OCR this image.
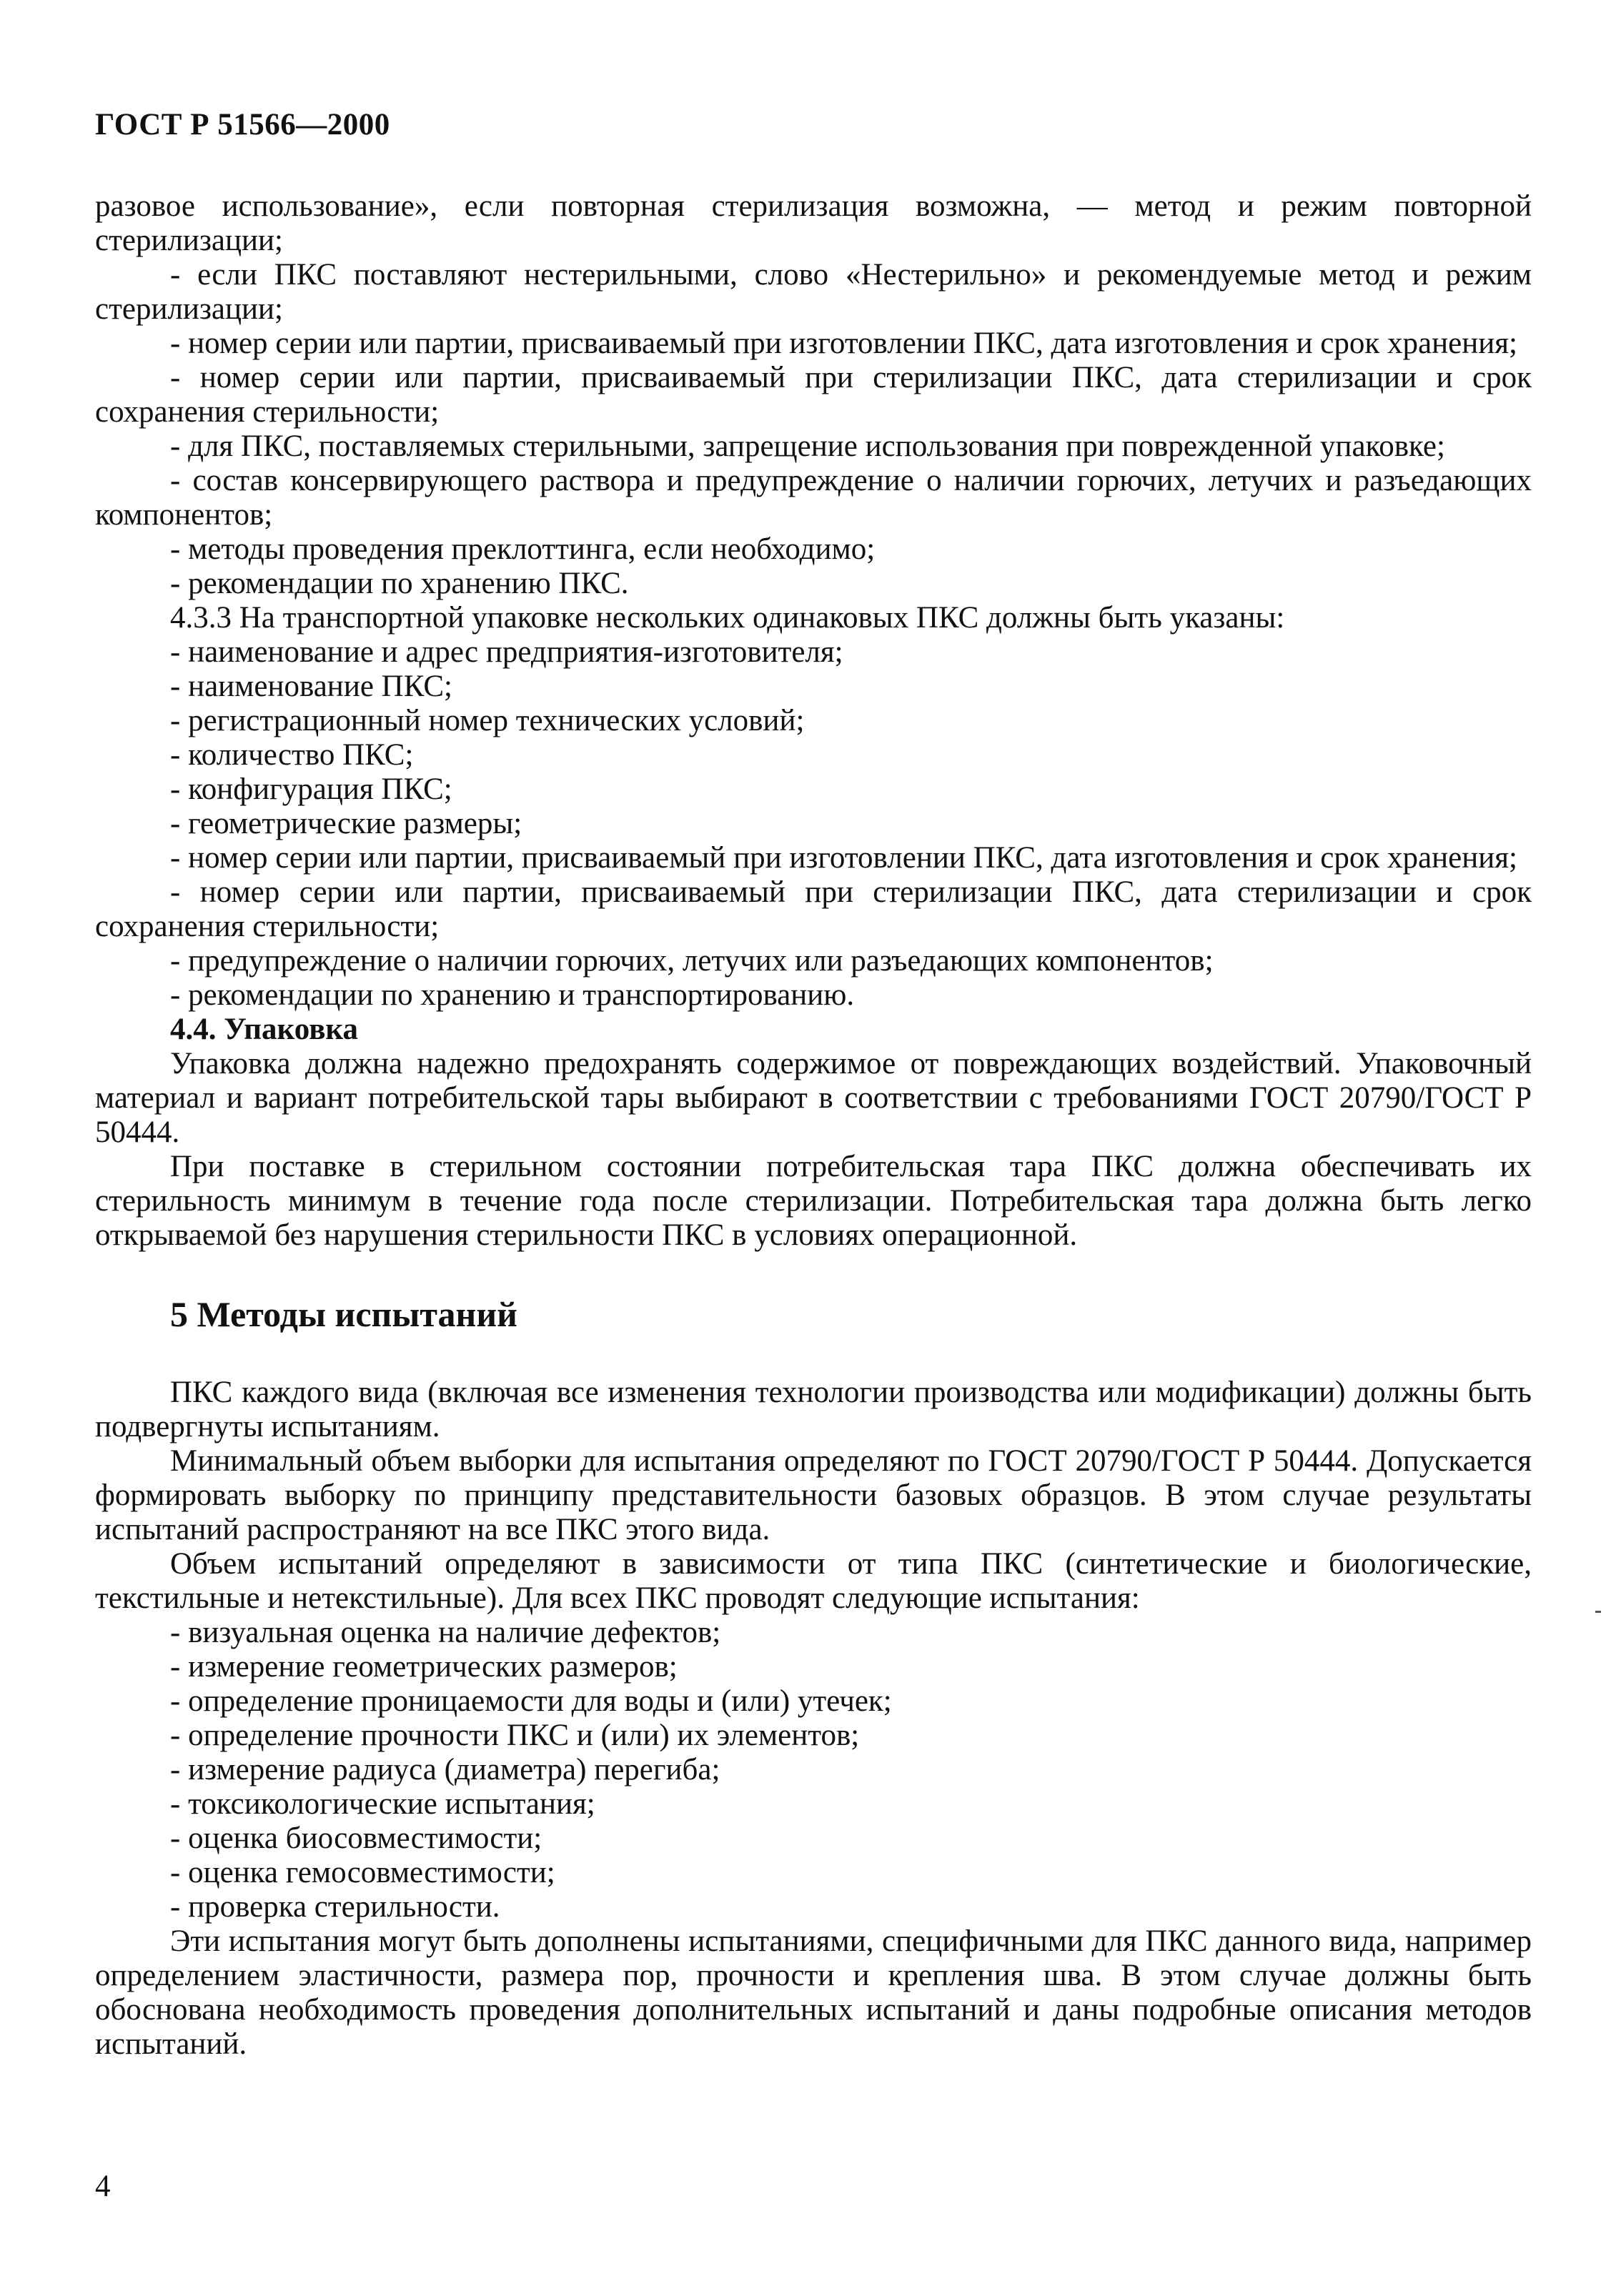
ГОСТ Р 51566—2000

разовое использование», если повторная стерилизация возможна, — метод и режим повторной стерилизации;

- если ПКС поставляют нестерильными, слово «Нестерильно» и рекомендуемые метод и режим стерилизации;

- номер серии или партии, присваиваемый при изготовлении ПКС, дата изготовления и срок хранения;

- номер серии или партии, присваиваемый при стерилизации ПКС, дата стерилизации и срок сохранения стерильности;

- для ПКС, поставляемых стерильными, запрещение использования при поврежденной упаковке;

- состав консервирующего раствора и предупреждение о наличии горючих, летучих и разъедающих компонентов;

- методы проведения преклоттинга, если необходимо;

- рекомендации по хранению ПКС.

4.3.3 На транспортной упаковке нескольких одинаковых ПКС должны быть указаны:

- наименование и адрес предприятия-изготовителя;

- наименование ПКС;

- регистрационный номер технических условий;

- количество ПКС;

- конфигурация ПКС;

- геометрические размеры;

- номер серии или партии, присваиваемый при изготовлении ПКС, дата изготовления и срок хранения;

- номер серии или партии, присваиваемый при стерилизации ПКС, дата стерилизации и срок сохранения стерильности;

- предупреждение о наличии горючих, летучих или разъедающих компонентов;

- рекомендации по хранению и транспортированию.

4.4. Упаковка

Упаковка должна надежно предохранять содержимое от повреждающих воздействий. Упаковочный материал и вариант потребительской тары выбирают в соответствии с требованиями ГОСТ 20790/ГОСТ Р 50444.

При поставке в стерильном состоянии потребительская тара ПКС должна обеспечивать их стерильность минимум в течение года после стерилизации. Потребительская тара должна быть легко открываемой без нарушения стерильности ПКС в условиях операционной.

5 Методы испытаний

ПКС каждого вида (включая все изменения технологии производства или модификации) должны быть подвергнуты испытаниям.

Минимальный объем выборки для испытания определяют по ГОСТ 20790/ГОСТ Р 50444. Допускается формировать выборку по принципу представительности базовых образцов. В этом случае результаты испытаний распространяют на все ПКС этого вида.

Объем испытаний определяют в зависимости от типа ПКС (синтетические и биологические, текстильные и нетекстильные). Для всех ПКС проводят следующие испытания:

- визуальная оценка на наличие дефектов;

- измерение геометрических размеров;

- определение проницаемости для воды и (или) утечек;

- определение прочности ПКС и (или) их элементов;

- измерение радиуса (диаметра) перегиба;

- токсикологические испытания;

- оценка биосовместимости;

- оценка гемосовместимости;

- проверка стерильности.

Эти испытания могут быть дополнены испытаниями, специфичными для ПКС данного вида, например определением эластичности, размера пор, прочности и крепления шва. В этом случае должны быть обоснована необходимость проведения дополнительных испытаний и даны подробные описания методов испытаний.

4
